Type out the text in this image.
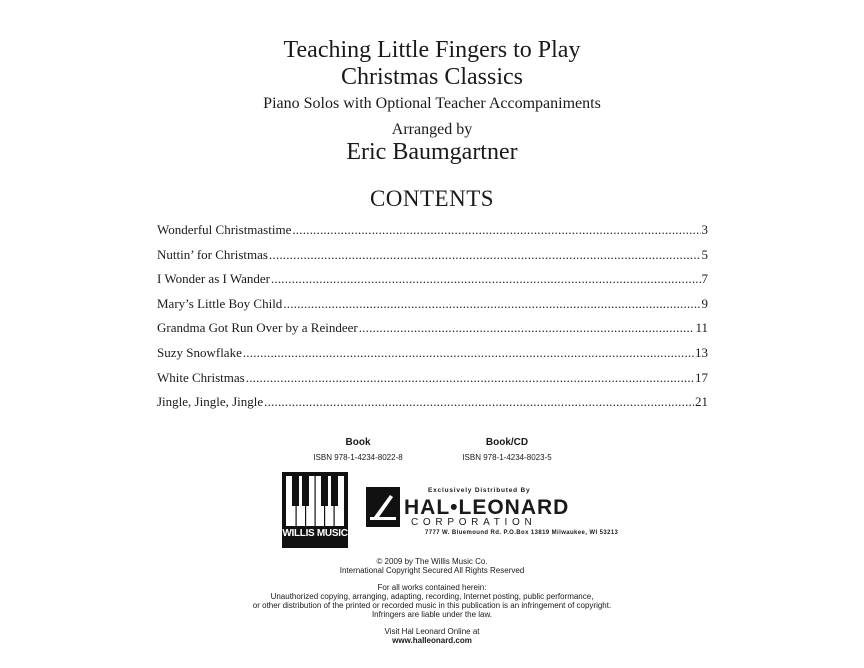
Teaching Little Fingers to Play
Christmas Classics
Piano Solos with Optional Teacher Accompaniments
Arranged by
Eric Baumgartner
CONTENTS
Wonderful Christmastime .....	3
Nuttin’ for Christmas .....	5
I Wonder as I Wander .....	7
Mary’s Little Boy Child .....	9
Grandma Got Run Over by a Reindeer .....	11
Suzy Snowflake .....	13
White Christmas .....	17
Jingle, Jingle, Jingle .....	21
Book
ISBN 978-1-4234-8022-8
Book/CD
ISBN 978-1-4234-8023-5
WILLIS MUSIC
Exclusively Distributed By
HAL•LEONARD
CORPORATION
7777 W. Bluemound Rd. P.O.Box 13819 Milwaukee, WI 53213
© 2009 by The Willis Music Co.
International Copyright Secured All Rights Reserved
For all works contained herein:
Unauthorized copying, arranging, adapting, recording, Internet posting, public performance,
or other distribution of the printed or recorded music in this publication is an infringement of copyright.
Infringers are liable under the law.
Visit Hal Leonard Online at
www.halleonard.com
